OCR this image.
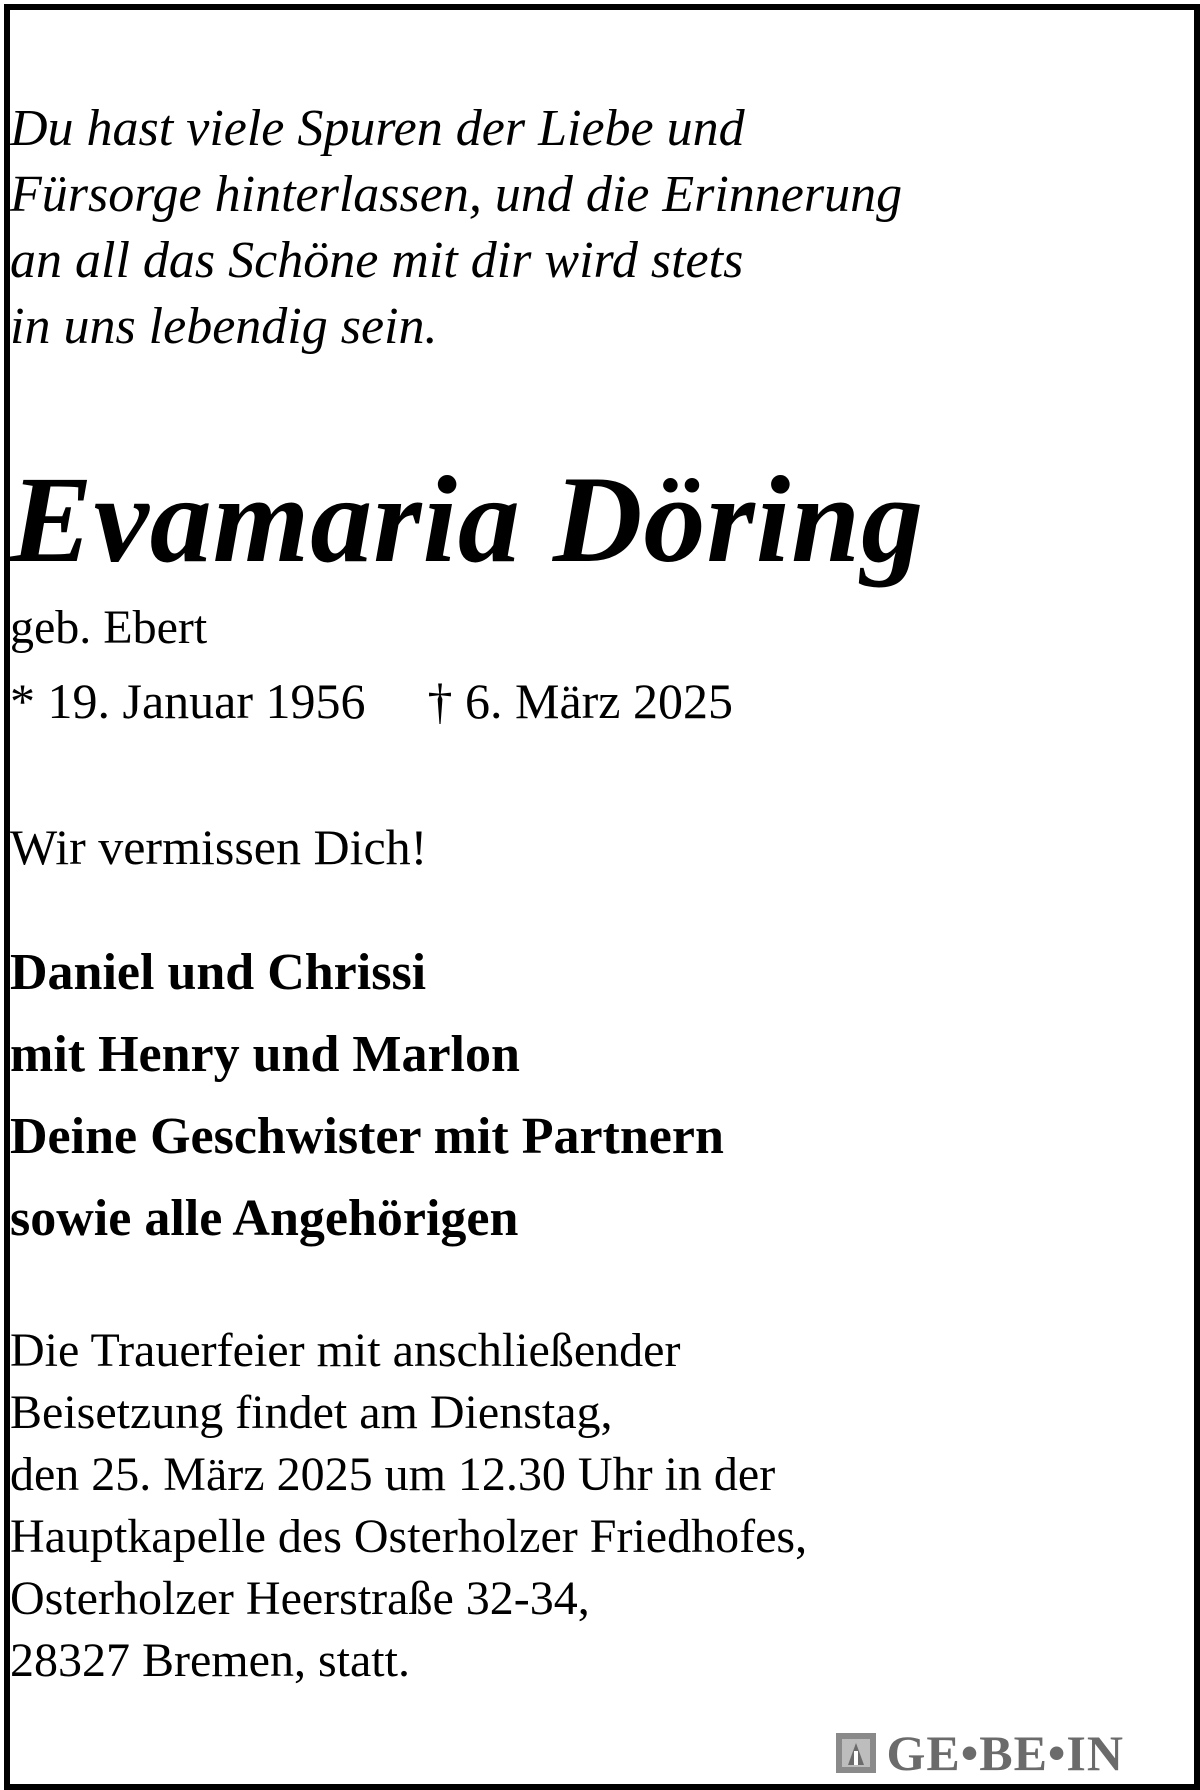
Du hast viele Spuren der Liebe und
Fürsorge hinterlassen, und die Erinnerung
an all das Schöne mit dir wird stets
in uns lebendig sein.
Evamaria Döring
geb. Ebert
* 19. Januar 1956 † 6. März 2025
Wir vermissen Dich!
Daniel und Chrissi
mit Henry und Marlon
Deine Geschwister mit Partnern
sowie alle Angehörigen
Die Trauerfeier mit anschließender
Beisetzung findet am Dienstag,
den 25. März 2025 um 12.30 Uhr in der
Hauptkapelle des Osterholzer Friedhofes,
Osterholzer Heerstraße 32-34,
28327 Bremen, statt.
GE•BE•IN
